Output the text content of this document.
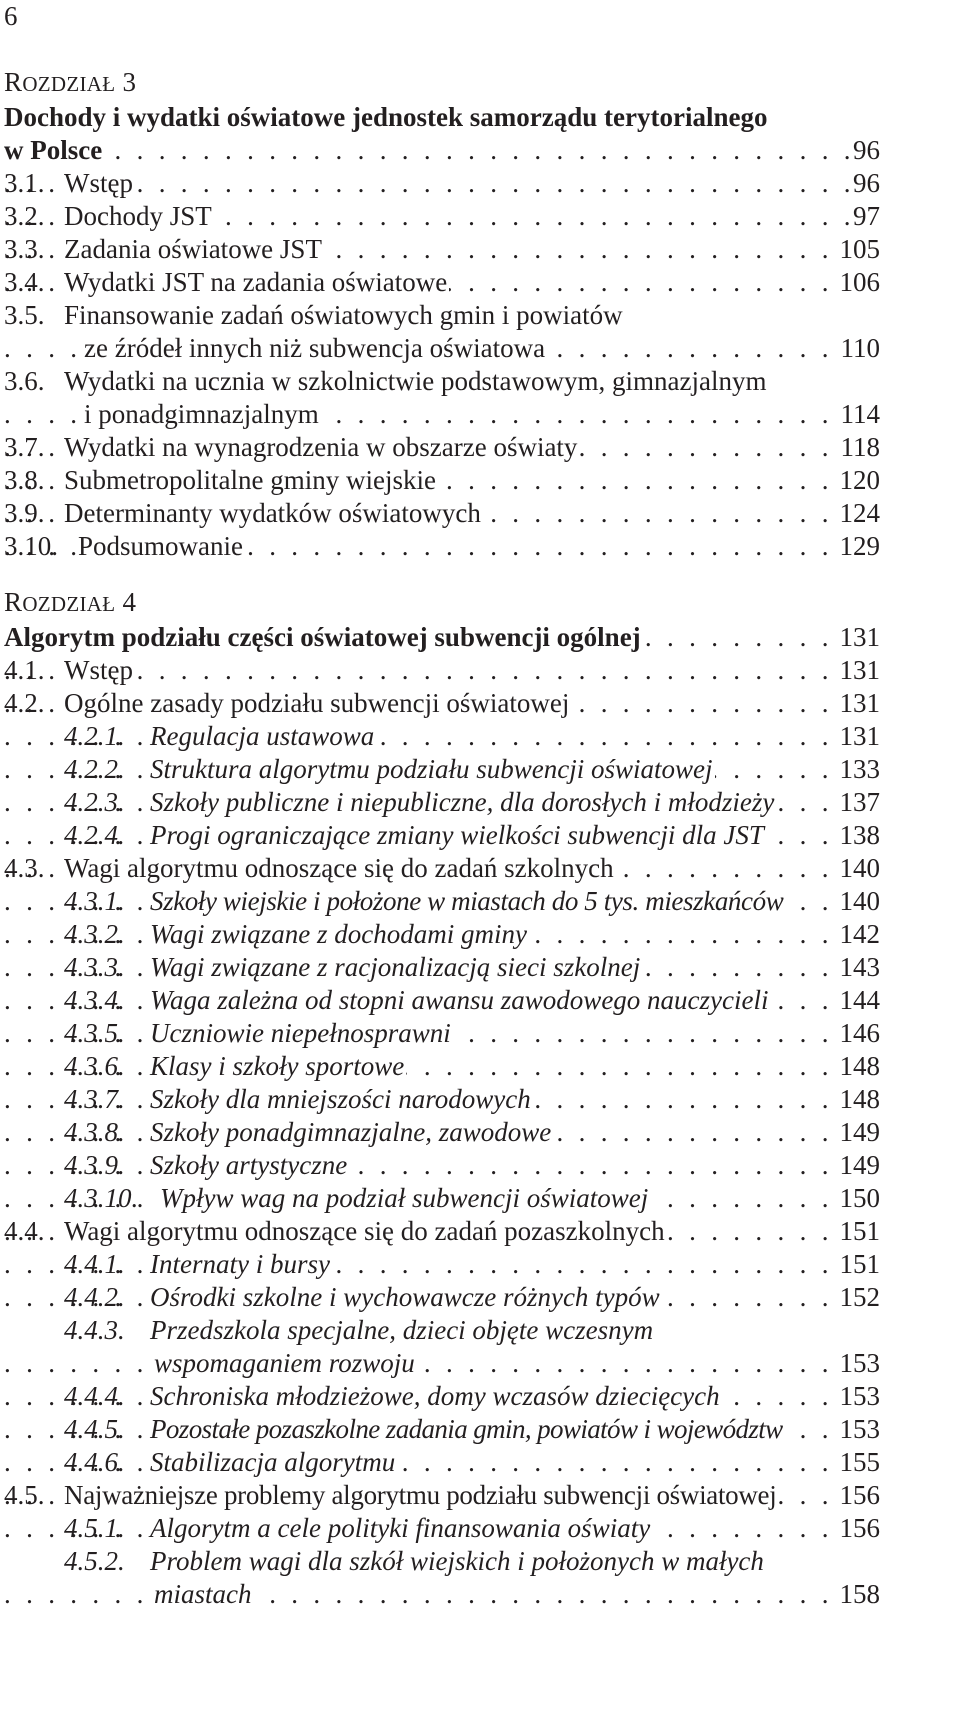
6
ROZDZIAŁ 3
Dochody i wydatki oświatowe jednostek samorządu terytorialnego
. . .
w Polsce	96
. . .
3.1. Wstęp	96
. . .
3.2. Dochody JST	97
. . .
3.3. Zadania oświatowe JST	105
. . .
3.4. Wydatki JST na zadania oświatowe	106
3.5. Finansowanie zadań oświatowych gmin i powiatów
. . .
ze źródeł innych niż subwencja oświatowa	110
3.6. Wydatki na ucznia w szkolnictwie podstawowym, gimnazjalnym
. . .
i ponadgimnazjalnym	114
. . .
3.7. Wydatki na wynagrodzenia w obszarze oświaty	118
. . .
3.8. Submetropolitalne gminy wiejskie	120
. . .
3.9. Determinanty wydatków oświatowych	124
. . .
3.10. Podsumowanie	129
ROZDZIAŁ 4
. . .
Algorytm podziału części oświatowej subwencji ogólnej	131
. . .
4.1. Wstęp	131
. . .
4.2. Ogólne zasady podziału subwencji oświatowej	131
. . .
4.2.1. Regulacja ustawowa	131
. . .
4.2.2. Struktura algorytmu podziału subwencji oświatowej	133
. . .
4.2.3. Szkoły publiczne i niepubliczne, dla dorosłych i młodzieży 137
. . .
4.2.4. Progi ograniczające zmiany wielkości subwencji dla JST	138
. . .
4.3. Wagi algorytmu odnoszące się do zadań szkolnych	140
. . .
4.3.1. Szkoły wiejskie i położone w miastach do 5 tys. mieszkańców 140
. . .
4.3.2. Wagi związane z dochodami gminy	142
. . .
4.3.3. Wagi związane z racjonalizacją sieci szkolnej	143
. . .
4.3.4. Waga zależna od stopni awansu zawodowego nauczycieli	144
. . .
4.3.5. Uczniowie niepełnosprawni	146
. . .
4.3.6. Klasy i szkoły sportowe	148
. . .
4.3.7. Szkoły dla mniejszości narodowych	148
. . .
4.3.8. Szkoły ponadgimnazjalne, zawodowe	149
. . .
4.3.9. Szkoły artystyczne	149
. . .
4.3.10. Wpływ wag na podział subwencji oświatowej	150
. . .
4.4. Wagi algorytmu odnoszące się do zadań pozaszkolnych	151
. . .
4.4.1. Internaty i bursy	151
. . .
4.4.2. Ośrodki szkolne i wychowawcze różnych typów	152
4.4.3. Przedszkola specjalne, dzieci objęte wczesnym
. . .
wspomaganiem rozwoju	153
. . .
4.4.4. Schroniska młodzieżowe, domy wczasów dziecięcych	153
. . .
4.4.5. Pozostałe pozaszkolne zadania gmin, powiatów i województw 153
. . .
4.4.6. Stabilizacja algorytmu	155
. . .
4.5. Najważniejsze problemy algorytmu podziału subwencji oświatowej 156
. . .
4.5.1. Algorytm a cele polityki finansowania oświaty	156
4.5.2. Problem wagi dla szkół wiejskich i położonych w małych
. . .
miastach	158
